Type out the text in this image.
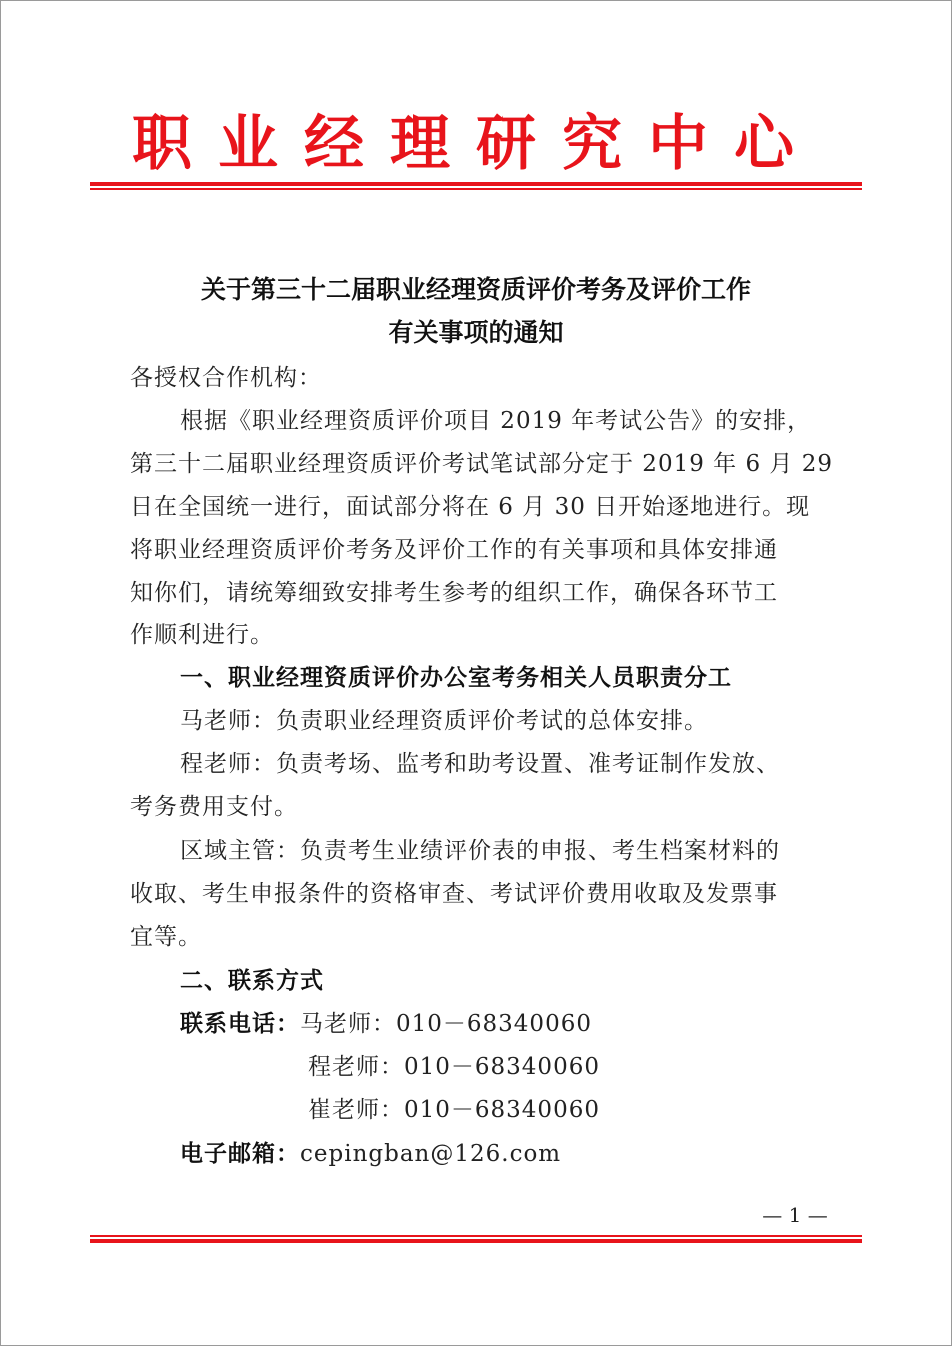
职业经理研究中心
关于第三十二届职业经理资质评价考务及评价工作
有关事项的通知
各授权合作机构：
根据《职业经理资质评价项目 2019 年考试公告》的安排，
第三十二届职业经理资质评价考试笔试部分定于 2019 年 6 月 29
日在全国统一进行，面试部分将在 6 月 30 日开始逐地进行。现
将职业经理资质评价考务及评价工作的有关事项和具体安排通
知你们，请统筹细致安排考生参考的组织工作，确保各环节工
作顺利进行。
一、职业经理资质评价办公室考务相关人员职责分工
马老师：负责职业经理资质评价考试的总体安排。
程老师：负责考场、监考和助考设置、准考证制作发放、
考务费用支付。
区域主管：负责考生业绩评价表的申报、考生档案材料的
收取、考生申报条件的资格审查、考试评价费用收取及发票事
宜等。
二、联系方式
联系电话：马老师：010－68340060
程老师：010－68340060
崔老师：010－68340060
电子邮箱：cepingban@126.com
— 1 —
